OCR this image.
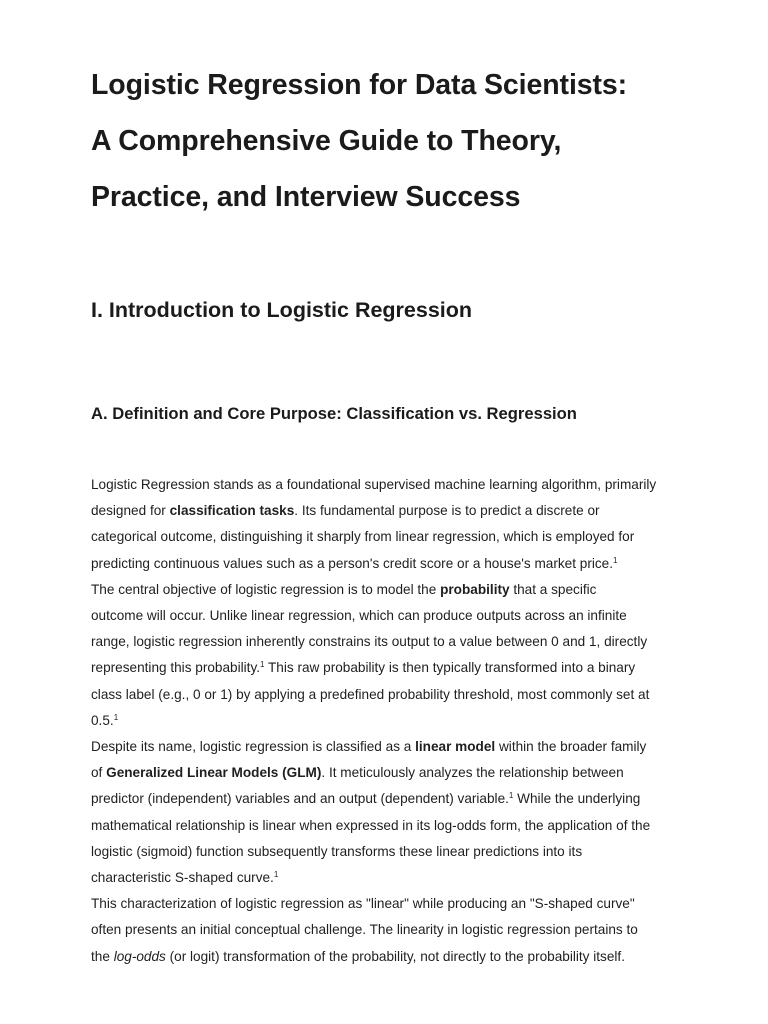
Logistic Regression for Data Scientists:
A Comprehensive Guide to Theory,
Practice, and Interview Success
I. Introduction to Logistic Regression
A. Definition and Core Purpose: Classification vs. Regression

Logistic Regression stands as a foundational supervised machine learning algorithm, primarily
designed for classification tasks. Its fundamental purpose is to predict a discrete or
categorical outcome, distinguishing it sharply from linear regression, which is employed for
predicting continuous values such as a person's credit score or a house's market price.$^1$

The central objective of logistic regression is to model the probability that a specific
outcome will occur. Unlike linear regression, which can produce outputs across an infinite
range, logistic regression inherently constrains its output to a value between 0 and 1, directly
representing this probability.$^1$ This raw probability is then typically transformed into a binary
class label (e.g., 0 or 1) by applying a predefined probability threshold, most commonly set at
0.5.$^1$

Despite its name, logistic regression is classified as a linear model within the broader family
of Generalized Linear Models (GLM). It meticulously analyzes the relationship between
predictor (independent) variables and an output (dependent) variable.$^1$ While the underlying
mathematical relationship is linear when expressed in its log-odds form, the application of the
logistic (sigmoid) function subsequently transforms these linear predictions into its
characteristic S-shaped curve.$^1$

This characterization of logistic regression as "linear" while producing an "S-shaped curve"
often presents an initial conceptual challenge. The linearity in logistic regression pertains to
the log-odds (or logit) transformation of the probability, not directly to the probability itself.
